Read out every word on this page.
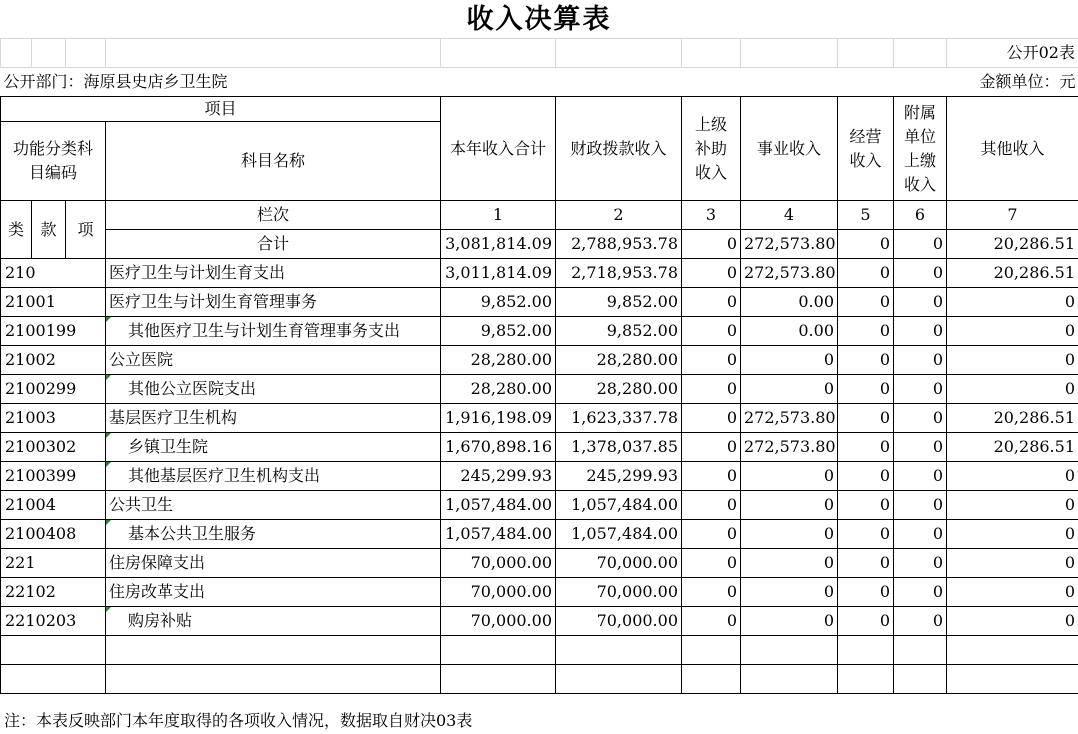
收入决算表
										公开02表
公开部门：海原县史店乡卫生院								金额单位：元		
项目				本年收入合计	财政拨款收入	上级补助收入	事业收入	经营收入	附属单位上缴收入	其他收入
功能分类科目编码			科目名称							
类	款	项	栏次	1	2	3	4	5	6	7
			合计	3,081,814.09	2,788,953.78	0	272,573.80	0	0	20,286.51
210			医疗卫生与计划生育支出	3,011,814.09	2,718,953.78	0	272,573.80	0	0	20,286.51
21001			医疗卫生与计划生育管理事务	9,852.00	9,852.00	0	0.00	0	0	0
2100199			其他医疗卫生与计划生育管理事务支出	9,852.00	9,852.00	0	0.00	0	0	0
21002			公立医院	28,280.00	28,280.00	0	0	0	0	0
2100299			其他公立医院支出	28,280.00	28,280.00	0	0	0	0	0
21003			基层医疗卫生机构	1,916,198.09	1,623,337.78	0	272,573.80	0	0	20,286.51
2100302			乡镇卫生院	1,670,898.16	1,378,037.85	0	272,573.80	0	0	20,286.51
2100399			其他基层医疗卫生机构支出	245,299.93	245,299.93	0	0	0	0	0
21004			公共卫生	1,057,484.00	1,057,484.00	0	0	0	0	0
2100408			基本公共卫生服务	1,057,484.00	1,057,484.00	0	0	0	0	0
221			住房保障支出	70,000.00	70,000.00	0	0	0	0	0
22102			住房改革支出	70,000.00	70,000.00	0	0	0	0	0
2210203			购房补贴	70,000.00	70,000.00	0	0	0	0	0

注：本表反映部门本年度取得的各项收入情况，数据取自财决03表
